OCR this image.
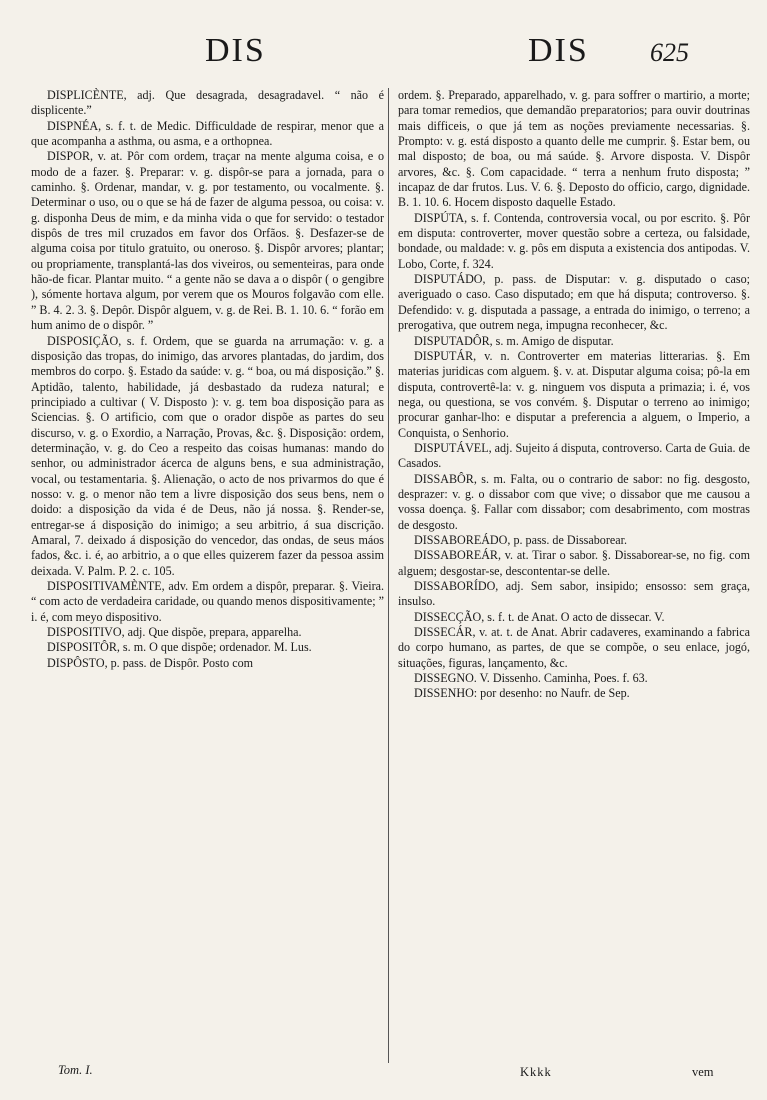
DIS	DIS 625

DISPLICÈNTE, adj. Que desagrada, desagradavel. “ não é displicente.”

DISPNÉA, s. f. t. de Medic. Difficuldade de respirar, menor que a que acompanha a asthma, ou asma, e a orthopnea.

DISPOR, v. at. Pôr com ordem, traçar na mente alguma coisa, e o modo de a fazer. §. Preparar: v. g. dispôr-se para a jornada, para o caminho. §. Ordenar, mandar, v. g. por testamento, ou vocalmente. §. Determinar o uso, ou o que se há de fazer de alguma pessoa, ou coisa: v. g. disponha Deus de mim, e da minha vida o que for servido: o testador dispôs de tres mil cruzados em favor dos Orfãos. §. Desfazer-se de alguma coisa por titulo gratuito, ou oneroso. §. Dispôr arvores; plantar; ou propriamente, transplantá-las dos viveiros, ou sementeiras, para onde hão-de ficar. Plantar muito. “ a gente não se dava a o dispôr ( o gengibre ), sómente hortava algum, por verem que os Mouros folgavão com elle. ” B. 4. 2. 3. §. Depôr. Dispôr alguem, v. g. de Rei. B. 1. 10. 6. “ forão em hum animo de o dispôr. ”

DISPOSIÇÃO, s. f. Ordem, que se guarda na arrumação: v. g. a disposição das tropas, do inimigo, das arvores plantadas, do jardim, dos membros do corpo. §. Estado da saúde: v. g. “ boa, ou má disposição.” §. Aptidão, talento, habilidade, já desbastado da rudeza natural; e principiado a cultivar ( V. Disposto ): v. g. tem boa disposição para as Sciencias. §. O artificio, com que o orador dispõe as partes do seu discurso, v. g. o Exordio, a Narração, Provas, &c. §. Disposição: ordem, determinação, v. g. do Ceo a respeito das coisas humanas: mando do senhor, ou administrador ácerca de alguns bens, e sua administração, vocal, ou testamentaria. §. Alienação, o acto de nos privarmos do que é nosso: v. g. o menor não tem a livre disposição dos seus bens, nem o doido: a disposição da vida é de Deus, não já nossa. §. Render-se, entregar-se á disposição do inimigo; a seu arbitrio, á sua discrição. Amaral, 7. deixado á disposição do vencedor, das ondas, de seus máos fados, &c. i. é, ao arbitrio, a o que elles quizerem fazer da pessoa assim deixada. V. Palm. P. 2. c. 105.

DISPOSITIVAMÈNTE, adv. Em ordem a dispôr, preparar. §. Vieira. “ com acto de verdadeira caridade, ou quando menos dispositivamente; ” i. é, com meyo dispositivo.

DISPOSITIVO, adj. Que dispõe, prepara, apparelha.

DISPOSITÔR, s. m. O que dispõe; ordenador. M. Lus.

DISPÔSTO, p. pass. de Dispôr. Posto com

ordem. §. Preparado, apparelhado, v. g. para soffrer o martirio, a morte; para tomar remedios, que demandão preparatorios; para ouvir doutrinas mais difficeis, o que já tem as noções previamente necessarias. §. Prompto: v. g. está disposto a quanto delle me cumprir. §. Estar bem, ou mal disposto; de boa, ou má saúde. §. Arvore disposta. V. Dispôr arvores, &c. §. Com capacidade. “ terra a nenhum fruto disposta; ” incapaz de dar frutos. Lus. V. 6. §. Deposto do officio, cargo, dignidade. B. 1. 10. 6. Hocem disposto daquelle Estado.

DISPÚTA, s. f. Contenda, controversia vocal, ou por escrito. §. Pôr em disputa: controverter, mover questão sobre a certeza, ou falsidade, bondade, ou maldade: v. g. pôs em disputa a existencia dos antipodas. V. Lobo, Corte, f. 324.

DISPUTÁDO, p. pass. de Disputar: v. g. disputado o caso; averiguado o caso. Caso disputado; em que há disputa; controverso. §. Defendido: v. g. disputada a passage, a entrada do inimigo, o terreno; a prerogativa, que outrem nega, impugna reconhecer, &c.

DISPUTADÔR, s. m. Amigo de disputar.

DISPUTÁR, v. n. Controverter em materias litterarias. §. Em materias juridicas com alguem. §. v. at. Disputar alguma coisa; pô-la em disputa, controvertê-la: v. g. ninguem vos disputa a primazia; i. é, vos nega, ou questiona, se vos convém. §. Disputar o terreno ao inimigo; procurar ganhar-lho: e disputar a preferencia a alguem, o Imperio, a Conquista, o Senhorio.

DISPUTÁVEL, adj. Sujeito á disputa, controverso. Carta de Guia. de Casados.

DISSABÔR, s. m. Falta, ou o contrario de sabor: no fig. desgosto, desprazer: v. g. o dissabor com que vive; o dissabor que me causou a vossa doença. §. Fallar com dissabor; com desabrimento, com mostras de desgosto.

DISSABOREÁDO, p. pass. de Dissaborear.

DISSABOREÁR, v. at. Tirar o sabor. §. Dissaborear-se, no fig. com alguem; desgostar-se, descontentar-se delle.

DISSABORÍDO, adj. Sem sabor, insipido; ensosso: sem graça, insulso.

DISSECÇÃO, s. f. t. de Anat. O acto de dissecar. V.

DISSECÁR, v. at. t. de Anat. Abrir cadaveres, examinando a fabrica do corpo humano, as partes, de que se compõe, o seu enlace, jogó, situações, figuras, lançamento, &c.

DISSEGNO. V. Dissenho. Caminha, Poes. f. 63.

DISSENHO: por desenho: no Naufr. de Sep.

Tom. I.	Kkkk	vem
